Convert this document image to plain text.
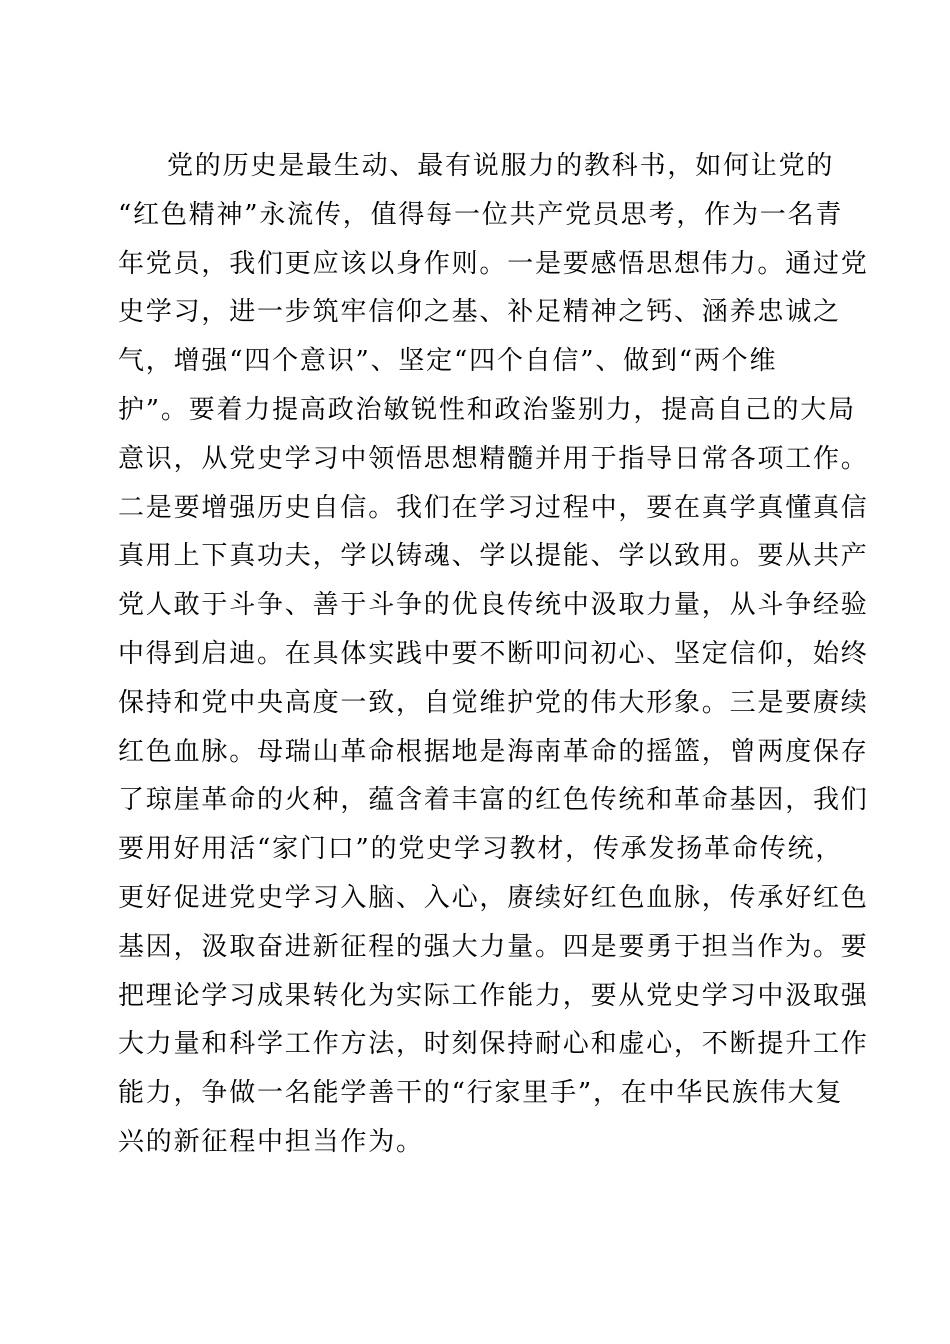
党的历史是最生动、最有说服力的教科书，如何让党的
“红色精神”永流传，值得每一位共产党员思考，作为一名青
年党员，我们更应该以身作则。一是要感悟思想伟力。通过党
史学习，进一步筑牢信仰之基、补足精神之钙、涵养忠诚之
气，增强“四个意识”、坚定“四个自信”、做到“两个维
护”。要着力提高政治敏锐性和政治鉴别力，提高自己的大局
意识，从党史学习中领悟思想精髓并用于指导日常各项工作。
二是要增强历史自信。我们在学习过程中，要在真学真懂真信
真用上下真功夫，学以铸魂、学以提能、学以致用。要从共产
党人敢于斗争、善于斗争的优良传统中汲取力量，从斗争经验
中得到启迪。在具体实践中要不断叩问初心、坚定信仰，始终
保持和党中央高度一致，自觉维护党的伟大形象。三是要赓续
红色血脉。母瑞山革命根据地是海南革命的摇篮，曾两度保存
了琼崖革命的火种，蕴含着丰富的红色传统和革命基因，我们
要用好用活“家门口”的党史学习教材，传承发扬革命传统，
更好促进党史学习入脑、入心，赓续好红色血脉，传承好红色
基因，汲取奋进新征程的强大力量。四是要勇于担当作为。要
把理论学习成果转化为实际工作能力，要从党史学习中汲取强
大力量和科学工作方法，时刻保持耐心和虚心，不断提升工作
能力，争做一名能学善干的“行家里手”，在中华民族伟大复
兴的新征程中担当作为。
